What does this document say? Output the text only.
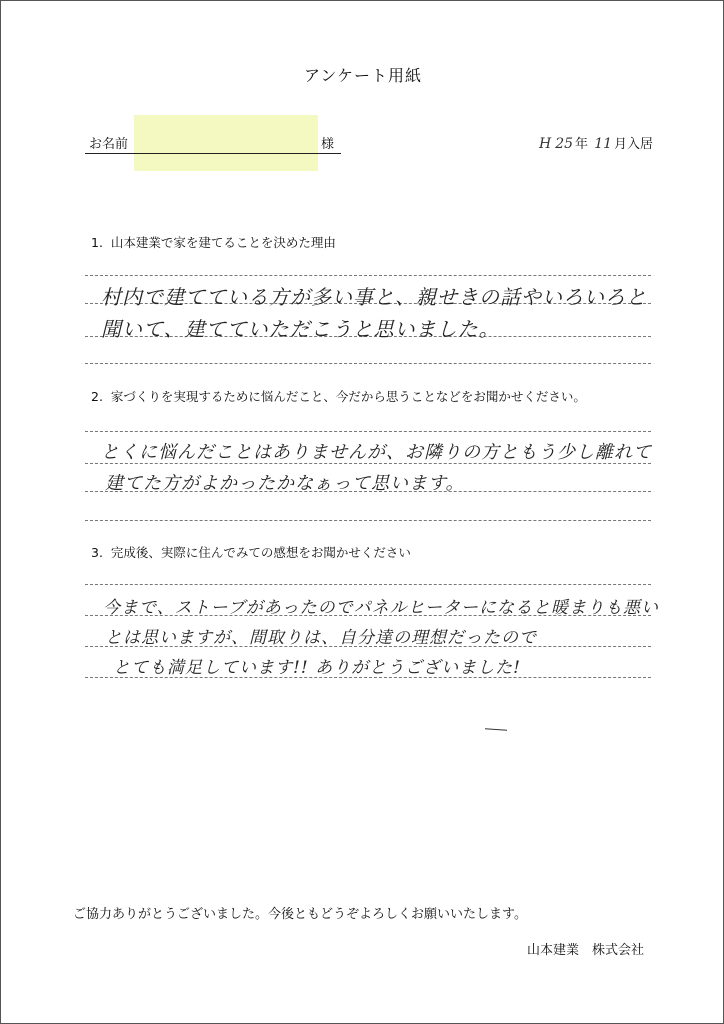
アンケート用紙
お名前	様	H 25 年 11 月入居
1. 山本建業で家を建てることを決めた理由
村内で建てている方が多い事と、親せきの話やいろいろと
聞いて、建てていただこうと思いました。
2. 家づくりを実現するために悩んだこと、今だから思うことなどをお聞かせください。
とくに悩んだことはありませんが、お隣りの方ともう少し離れて
建てた方がよかったかなぁって思います。
3. 完成後、実際に住んでみての感想をお聞かせください
今まで、ストーブがあったのでパネルヒーターになると暖まりも悪い
とは思いますが、間取りは、自分達の理想だったので
とても満足しています!! ありがとうございました!
ご協力ありがとうございました。今後ともどうぞよろしくお願いいたします。
山本建業　株式会社
